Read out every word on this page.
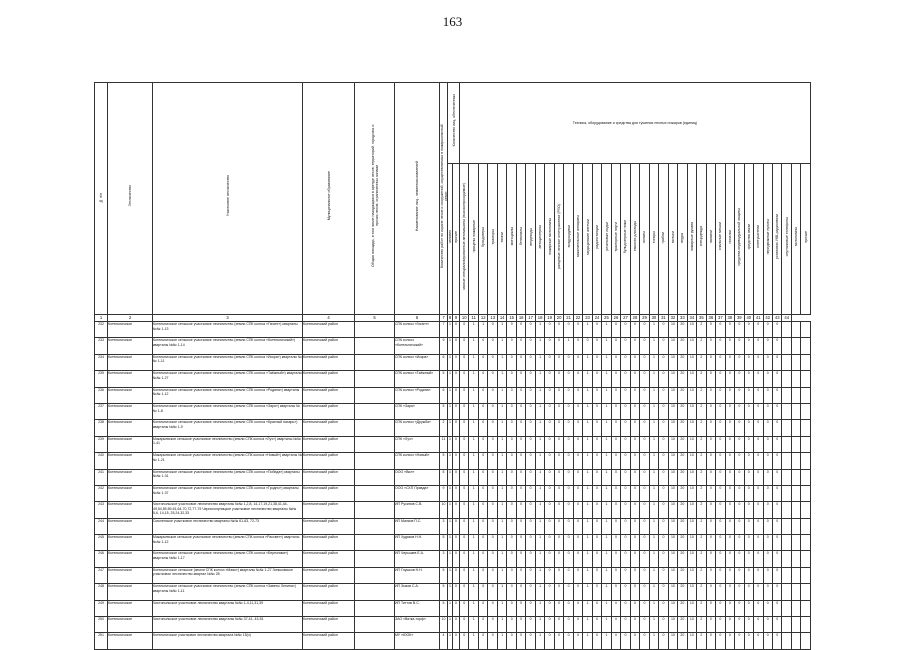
163
№ п/п	Лесничество	Участковое лесничество	Муниципальное образование	Общая площадь, в том числе находящаяся в аренде лесов, территорий, городских и прочих лесов, ограниченных зонами	Наименование лиц - землепользователей	Количество работ по охране лесов и сооружений, осуществляемых в пожароопасный сезон	Количество лиц, обеспеченных		Техника, оборудование и средства для тушения лесных пожаров (единиц)																																				
							человек	прочие	малые специализированные автомашины (высокопроходимые)	прицепы пожарные	бульдозеры	тракторы	тягачи	мотоциклы	бензопилы	вездеходы	автоцистерны	пожарные мотопомпы	ранцевые лесные огнетушители (РЛО)	воздуходувки	зажигательные аппараты	медицинские аптечки	радиостанции	резиновые лодки	тракторные плуги	бульдозерные ножи	емкости для воды	лопаты	топоры	грабли	мотыги	ведра	пожарные рукава	спецодежда	палатки	спальные мешки	носилки	средства индивидуальной защиты	средства связи	огнетушители	передвижные пункты	установки УКВ-радиосвязи	спутниковые телефоны	мотопомпы	прочие
1	2	3	4	5	6	7	8	9	10	11	12	13	14	15	16	17	18	19	20	21	22	23	24	25	26	27	28	29	30	31	32	33	34	35	36	37	38	39	40	41	42	43	44		
232	Котельничское	Котельничское сельское участковое лесничество (земли СПК колхоз «Гигант») кварталы №№ 1-13	Котельничский район		СПК колхоз «Гигант»	7	1	0	0	1	1	0	1	0	0	0	1	0	0	0	0	1	0	1	0	0	0	0	1	0	10	20	10	2	0	0	0	0	0	0	0	0			
233	Котельничское	Котельничское сельское участковое лесничество (земли СПК колхоз «Котельничский») кварталы №№ 1-14	Котельничский район		СПК колхоз «Котельничский»	9	1	0	0	1	0	0	1	0	0	0	1	0	0	1	0	0	0	1	0	0	0	0	1	0	10	20	10	2	0	0	0	0	0	0	0	0			
234	Котельничское	Котельничское сельское участковое лесничество (земли СПК колхоз «Искра») кварталы №№ 1-11	Котельничский район		СПК колхоз «Искра»	6	1	0	0	1	0	0	1	0	0	0	1	0	0	0	0	1	0	1	0	0	0	0	1	0	10	20	10	2	0	0	0	0	0	0	0	0			
235	Котельничское	Котельничское сельское участковое лесничество (земли СПК колхоз «Таёжный») кварталы №№ 1-27	Котельничский район		СПК колхоз «Таёжный»	5	1	0	0	1	0	0	1	0	0	0	1	0	0	0	0	1	0	1	0	0	0	0	1	0	10	20	10	2	0	0	0	0	0	0	0	0			
236	Котельничское	Котельничское сельское участковое лесничество (земли СПК колхоз «Родина») кварталы №№ 1-12	Котельничский район		СПК колхоз «Родина»	6	1	0	0	1	0	0	1	0	0	0	1	0	0	0	0	1	0	1	0	0	0	0	1	0	10	20	10	2	0	0	0	0	0	0	0	0			
237	Котельничское	Котельничское сельское участковое лесничество (земли СПК колхоз «Заря») кварталы №№ 1-8	Котельничский район		СПК «Заря»	5	1	0	0	1	0	0	1	0	0	0	1	0	0	0	0	1	0	1	0	0	0	0	1	0	10	20	10	2	0	0	0	0	0	0	0	0			
238	Котельничское	Котельничское сельское участковое лесничество (земли СПК колхоз «Красный пахарь») кварталы №№ 1-9	Котельничский район		СПК колхоз «Дружба»	2	1	0	0	1	0	0	1	0	0	0	1	0	0	0	0	1	0	1	0	0	0	0	1	0	10	20	10	2	0	0	0	0	0	0	0	0			
239	Котельничское	Макарьевское сельское участковое лесничество (земли СПК колхоз «Луч») кварталы №№ 1-41	Котельничский район		СПК «Луч»	11	1	0	0	1	0	0	1	0	0	0	1	0	0	0	0	1	0	1	0	0	0	0	1	0	10	20	10	2	0	0	0	0	0	0	0	0			
240	Котельничское	Макарьевское сельское участковое лесничество (земли СПК колхоз «Новый») кварталы №№ 1-21	Котельничский район		СПК колхоз «Новый»	5	1	0	0	1	0	0	1	0	0	0	1	0	0	0	0	1	0	1	0	0	0	0	1	0	10	20	10	2	0	0	0	0	0	0	0	0			
241	Котельничское	Котельничское сельское участковое лесничество (земли СПК колхоз «Победа») кварталы №№ 1-31	Котельничский район		ООО «Вил»	5	1	0	0	1	0	0	1	0	0	0	1	0	0	0	0	1	0	1	0	0	0	0	1	0	10	20	10	2	0	0	0	0	0	0	0	0			
242	Котельничское	Котельничское сельское участковое лесничество (земли СПК колхоз «Гродно») кварталы №№ 1-37	Котельничский район		ООО «СХП Правда»	9	1	0	0	1	0	0	1	0	0	0	1	0	0	0	0	1	0	1	0	0	0	0	1	0	10	20	10	2	0	0	0	0	0	0	0	0			
243	Котельничское	Чистопольское участковое лесничество кварталы №№ 1,2,8, 14-17,19,21,38,41,44-49,54,55,59-61,64-70,72,77-79 Чернохолуницкое участковое лесничество кварталы №№ 5,6, 14,15, 25,24,32,33	Котельничский район		ИП Русинов С.В.	10	1	0	0	1	0	0	1	0	0	0	1	0	0	0	0	1	0	1	0	0	0	0	1	0	10	20	10	2	0	0	0	0	0	0	0	0			
244	Котельничское	Смоленское участковое лесничество кварталы №№ 61-63, 72-73	Котельничский район		ИП Малков П.С.	3	1	0	0	1	0	0	1	0	0	0	1	0	0	0	0	1	0	1	0	0	0	0	1	0	10	20	10	2	0	0	0	0	0	0	0	0			
245	Котельничское	Макарьевское сельское участковое лесничество (земли СПК колхоз «Рассвет») кварталы №№ 1-12	Котельничский район		ИП Худяков Н.Н.	5	1	0	0	1	0	0	1	0	0	0	1	0	0	0	0	1	0	1	0	0	0	0	1	0	10	20	10	2	0	0	0	0	0	0	0	0			
246	Котельничское	Котельничское сельское участковое лесничество (земли СПК колхоз «Березники») кварталы №№ 1-17	Котельничский район		ИП Черышев Е.А.	3	1	0	0	1	0	0	1	0	0	0	1	0	0	0	0	1	0	1	0	0	0	0	1	0	10	20	10	2	0	0	0	0	0	0	0	0			
247	Котельничское	Котельничское сельское (земли СПК колхоз «Маяк») кварталы №№ 1-27 Зиньковское участковое лесничество квартал №№ 28	Котельничский район		ИП Глушков Н.Н.	5	1	0	0	1	0	0	1	0	0	0	1	0	0	0	0	1	0	1	0	0	0	0	1	0	10	20	10	2	0	0	0	0	0	0	0	0			
248	Котельничское	Котельничское сельское участковое лесничество (земли СПК колхоз «Заветы Ленина») кварталы №№ 1-11	Котельничский район		ИП Зыков С.А.	5	1	0	0	1	0	0	1	0	0	0	1	0	0	0	0	1	0	1	0	0	0	0	1	0	10	20	10	2	0	0	0	0	0	0	0	0			
249	Котельничское	Чистопольское участковое лесничество кварталы №№ 1-4,11,31,39	Котельничский район		ИП Титтов В.С.	5	1	0	0	1	0	0	1	0	0	0	1	0	0	0	0	1	0	1	0	0	0	0	1	0	10	20	10	2	0	0	0	0	0	0	0	0			
250	Котельничское	Чистопольское участковое лесничество кварталы №№ 37-41, 43-51	Котельничский район		ЗАО «Вятка-торф»	10	1	0	0	1	0	0	1	0	0	0	1	0	0	0	0	1	0	1	0	0	0	0	1	0	10	20	10	2	0	0	0	0	0	0	0	0			
251	Котельничское	Котельничское участковое лесничество квартала №№ 15(ч)	Котельничский район		МУ «ЮОК»	4	1	0	0	1	0	0	1	0	0	0	1	0	0	0	0	1	0	1	0	0	0	0	1	0	10	20	10	2	0	0	0	0	0	0	0	0			
